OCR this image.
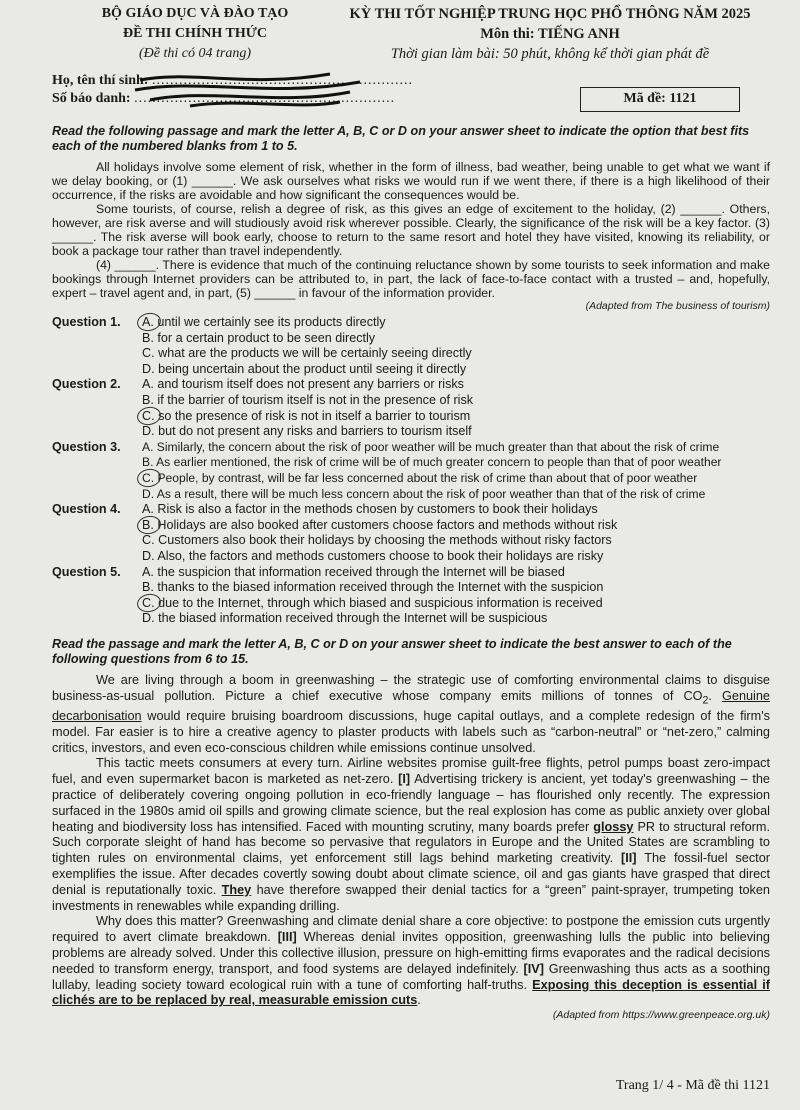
BỘ GIÁO DỤC VÀ ĐÀO TẠO
ĐỀ THI CHÍNH THỨC
(Đề thi có 04 trang)
KỲ THI TỐT NGHIỆP TRUNG HỌC PHỔ THÔNG NĂM 2025
Môn thi: TIẾNG ANH
Thời gian làm bài: 50 phút, không kể thời gian phát đề
Họ, tên thí sinh: ..........................................................
Số báo danh: ..........................................................	Mã đề: 1121

Read the following passage and mark the letter A, B, C or D on your answer sheet to indicate the option that best fits each of the numbered blanks from 1 to 5.

All holidays involve some element of risk, whether in the form of illness, bad weather, being unable to get what we want if we delay booking, or (1) ______. We ask ourselves what risks we would run if we went there, if there is a high likelihood of their occurrence, if the risks are avoidable and how significant the consequences would be.

Some tourists, of course, relish a degree of risk, as this gives an edge of excitement to the holiday, (2) ______. Others, however, are risk averse and will studiously avoid risk wherever possible. Clearly, the significance of the risk will be a key factor. (3) ______. The risk averse will book early, choose to return to the same resort and hotel they have visited, knowing its reliability, or book a package tour rather than travel independently.

(4) ______. There is evidence that much of the continuing reluctance shown by some tourists to seek information and make bookings through Internet providers can be attributed to, in part, the lack of face-to-face contact with a trusted – and, hopefully, expert – travel agent and, in part, (5) ______ in favour of the information provider.

(Adapted from The business of tourism)

Question 1.	A. until we certainly see its products directly
B. for a certain product to be seen directly
C. what are the products we will be certainly seeing directly
D. being uncertain about the product until seeing it directly
Question 2.	A. and tourism itself does not present any barriers or risks
B. if the barrier of tourism itself is not in the presence of risk
C. so the presence of risk is not in itself a barrier to tourism
D. but do not present any risks and barriers to tourism itself
Question 3.	A. Similarly, the concern about the risk of poor weather will be much greater than that about the risk of crime
B. As earlier mentioned, the risk of crime will be of much greater concern to people than that of poor weather
C. People, by contrast, will be far less concerned about the risk of crime than about that of poor weather
D. As a result, there will be much less concern about the risk of poor weather than that of the risk of crime
Question 4.	A. Risk is also a factor in the methods chosen by customers to book their holidays
B. Holidays are also booked after customers choose factors and methods without risk
C. Customers also book their holidays by choosing the methods without risky factors
D. Also, the factors and methods customers choose to book their holidays are risky
Question 5.	A. the suspicion that information received through the Internet will be biased
B. thanks to the biased information received through the Internet with the suspicion
C. due to the Internet, through which biased and suspicious information is received
D. the biased information received through the Internet will be suspicious

Read the passage and mark the letter A, B, C or D on your answer sheet to indicate the best answer to each of the following questions from 6 to 15.

We are living through a boom in greenwashing – the strategic use of comforting environmental claims to disguise business-as-usual pollution. Picture a chief executive whose company emits millions of tonnes of $CO_2$. Genuine decarbonisation would require bruising boardroom discussions, huge capital outlays, and a complete redesign of the firm's model. Far easier is to hire a creative agency to plaster products with labels such as “carbon-neutral” or “net-zero,” calming critics, investors, and even eco-conscious children while emissions continue unsolved.

This tactic meets consumers at every turn. Airline websites promise guilt-free flights, petrol pumps boast zero-impact fuel, and even supermarket bacon is marketed as net-zero. [I] Advertising trickery is ancient, yet today's greenwashing – the practice of deliberately covering ongoing pollution in eco-friendly language – has flourished only recently. The expression surfaced in the 1980s amid oil spills and growing climate science, but the real explosion has come as public anxiety over global heating and biodiversity loss has intensified. Faced with mounting scrutiny, many boards prefer glossy PR to structural reform. Such corporate sleight of hand has become so pervasive that regulators in Europe and the United States are scrambling to tighten rules on environmental claims, yet enforcement still lags behind marketing creativity. [II] The fossil-fuel sector exemplifies the issue. After decades covertly sowing doubt about climate science, oil and gas giants have grasped that direct denial is reputationally toxic. They have therefore swapped their denial tactics for a “green” paint-sprayer, trumpeting token investments in renewables while expanding drilling.

Why does this matter? Greenwashing and climate denial share a core objective: to postpone the emission cuts urgently required to avert climate breakdown. [III] Whereas denial invites opposition, greenwashing lulls the public into believing problems are already solved. Under this collective illusion, pressure on high-emitting firms evaporates and the radical decisions needed to transform energy, transport, and food systems are delayed indefinitely. [IV] Greenwashing thus acts as a soothing lullaby, leading society toward ecological ruin with a tune of comforting half-truths. Exposing this deception is essential if clichés are to be replaced by real, measurable emission cuts.

(Adapted from https://www.greenpeace.org.uk)

Trang 1/ 4 - Mã đề thi 1121
